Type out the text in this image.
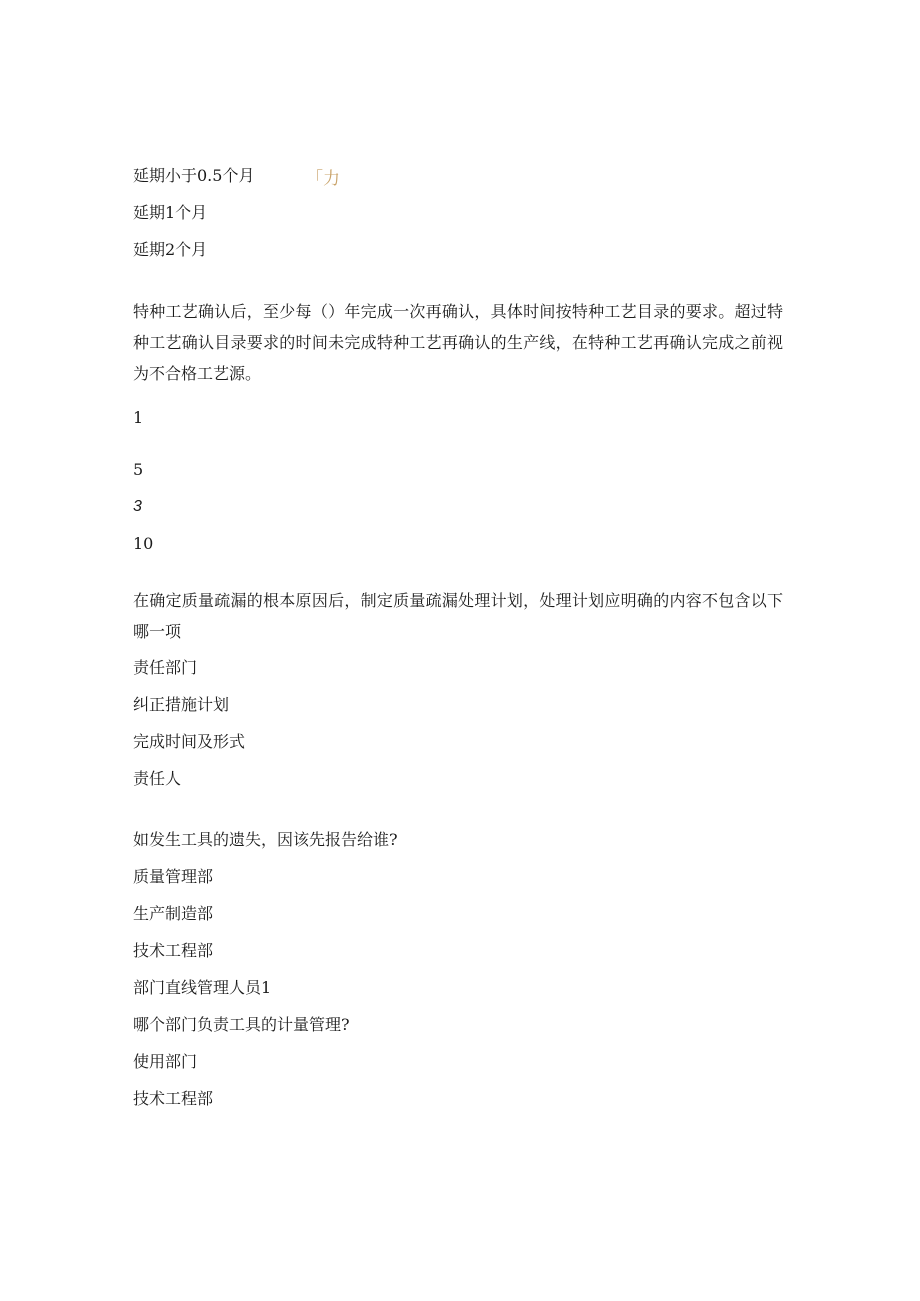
延期小于0.5个月	「力
延期1个月
延期2个月
特种工艺确认后，至少每（）年完成一次再确认，具体时间按特种工艺目录的要求。超过特种工艺确认目录要求的时间未完成特种工艺再确认的生产线，在特种工艺再确认完成之前视为不合格工艺源。
1
5
3
10
在确定质量疏漏的根本原因后，制定质量疏漏处理计划，处理计划应明确的内容不包含以下哪一项
责任部门
纠正措施计划
完成时间及形式
责任人
如发生工具的遗失，因该先报告给谁?
质量管理部
生产制造部
技术工程部
部门直线管理人员1
哪个部门负责工具的计量管理?
使用部门
技术工程部
